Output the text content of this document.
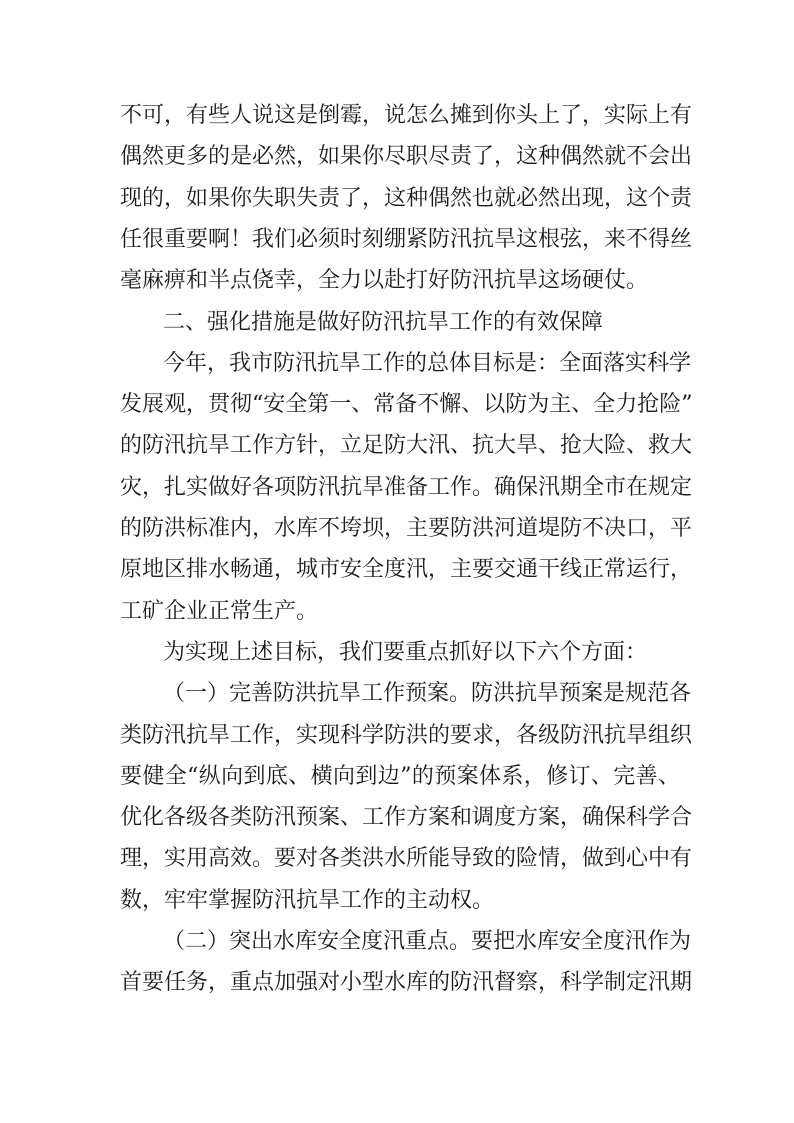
不可，有些人说这是倒霉，说怎么摊到你头上了，实际上有
偶然更多的是必然，如果你尽职尽责了，这种偶然就不会出
现的，如果你失职失责了，这种偶然也就必然出现，这个责
任很重要啊！我们必须时刻绷紧防汛抗旱这根弦，来不得丝
毫麻痹和半点侥幸，全力以赴打好防汛抗旱这场硬仗。
二、强化措施是做好防汛抗旱工作的有效保障
今年，我市防汛抗旱工作的总体目标是：全面落实科学
发展观，贯彻“安全第一、常备不懈、以防为主、全力抢险”
的防汛抗旱工作方针，立足防大汛、抗大旱、抢大险、救大
灾，扎实做好各项防汛抗旱准备工作。确保汛期全市在规定
的防洪标准内，水库不垮坝，主要防洪河道堤防不决口，平
原地区排水畅通，城市安全度汛，主要交通干线正常运行，
工矿企业正常生产。
为实现上述目标，我们要重点抓好以下六个方面：
（一）完善防洪抗旱工作预案。防洪抗旱预案是规范各
类防汛抗旱工作，实现科学防洪的要求，各级防汛抗旱组织
要健全“纵向到底、横向到边”的预案体系，修订、完善、
优化各级各类防汛预案、工作方案和调度方案，确保科学合
理，实用高效。要对各类洪水所能导致的险情，做到心中有
数，牢牢掌握防汛抗旱工作的主动权。
（二）突出水库安全度汛重点。要把水库安全度汛作为
首要任务，重点加强对小型水库的防汛督察，科学制定汛期
